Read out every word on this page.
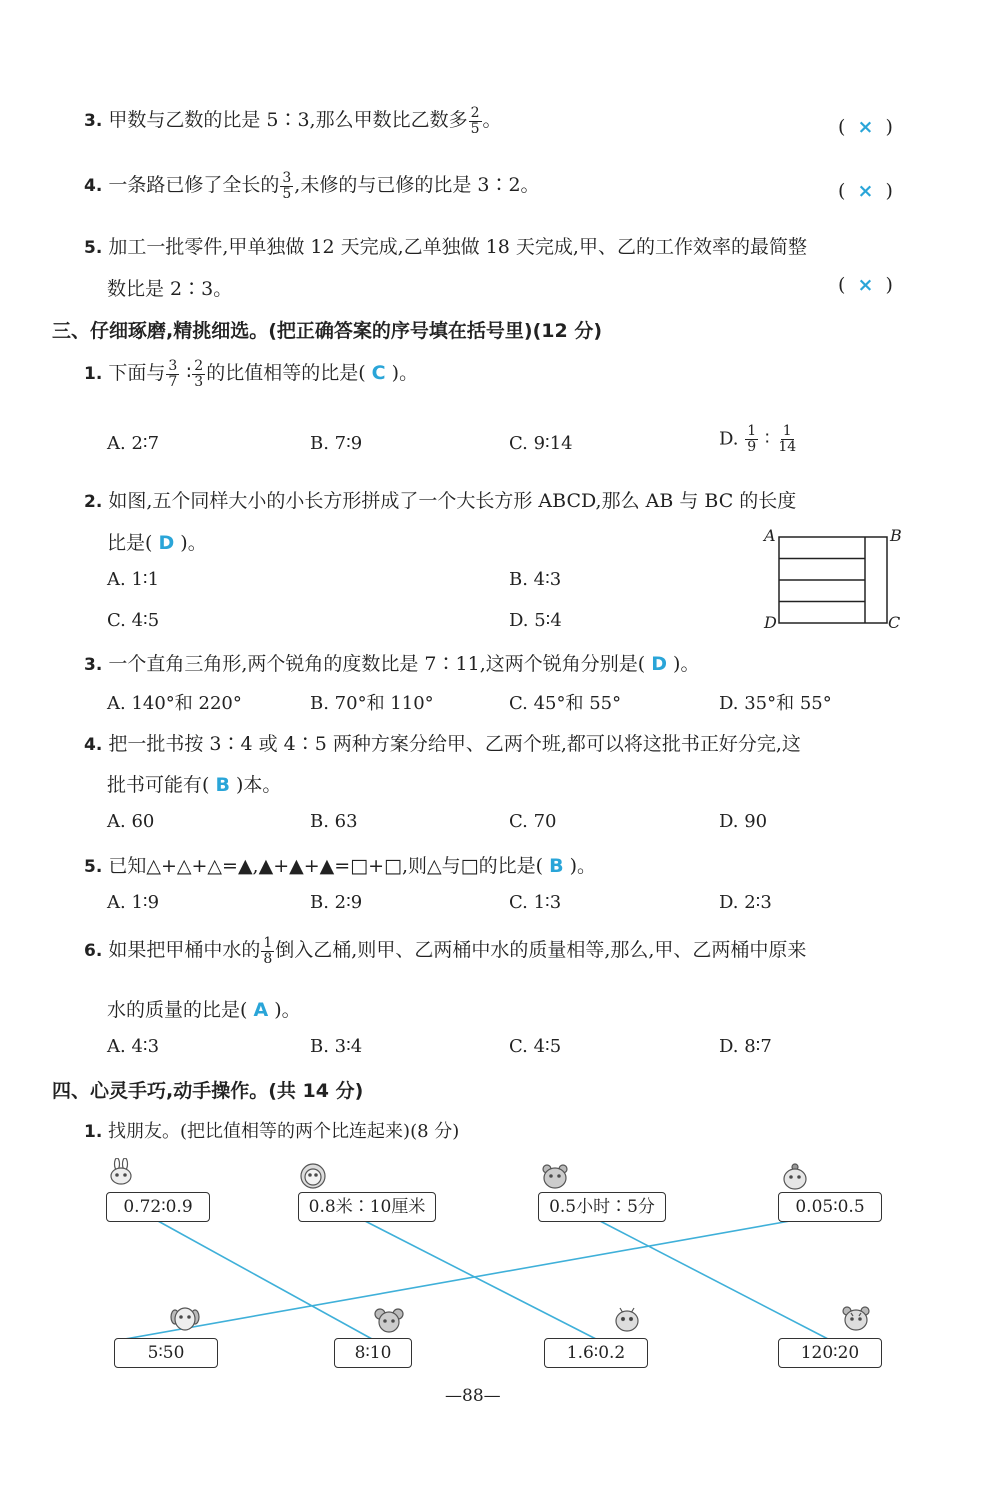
3. 甲数与乙数的比是 5∶3,那么甲数比乙数多 $\frac{2}{5}$ 。	(  ×  )
4. 一条路已修了全长的 $\frac{3}{5}$ ,未修的与已修的比是 3∶2。	(  ×  )
5. 加工一批零件,甲单独做 12 天完成,乙单独做 18 天完成,甲、乙的工作效率的最简整
数比是 2∶3。	(  ×  )
三、仔细琢磨,精挑细选。(把正确答案的序号填在括号里)(12 分)
1. 下面与 $\frac{3}{7}$ ∶ $\frac{2}{3}$ 的比值相等的比是( C )。
A. 2∶7	B. 7∶9	C. 9∶14	D. $\frac{1}{9}$ ∶ $\frac{1}{14}$
2. 如图,五个同样大小的小长方形拼成了一个大长方形 ABCD,那么 AB 与 BC 的长度
比是( D )。
A. 1∶1	B. 4∶3
C. 4∶5	D. 5∶4
A	B
C
D
3. 一个直角三角形,两个锐角的度数比是 7∶11,这两个锐角分别是( D )。
A. 140°和 220°	B. 70°和 110°	C. 45°和 55°	D. 35°和 55°
4. 把一批书按 3∶4 或 4∶5 两种方案分给甲、乙两个班,都可以将这批书正好分完,这
批书可能有( B )本。
A. 60	B. 63	C. 70	D. 90
5. 已知△+△+△=▲,▲+▲+▲=□+□,则△与□的比是( B )。
A. 1∶9	B. 2∶9	C. 1∶3	D. 2∶3
6. 如果把甲桶中水的 $\frac{1}{8}$ 倒入乙桶,则甲、乙两桶中水的质量相等,那么,甲、乙两桶中原来
水的质量的比是( A )。
A. 4∶3	B. 3∶4	C. 4∶5	D. 8∶7
四、心灵手巧,动手操作。(共 14 分)
1. 找朋友。(把比值相等的两个比连起来)(8 分)
0.72∶0.9	0.8米∶10厘米	0.5小时∶5分	0.05∶0.5
5∶50	8∶10	1.6∶0.2	120∶20
—88—
